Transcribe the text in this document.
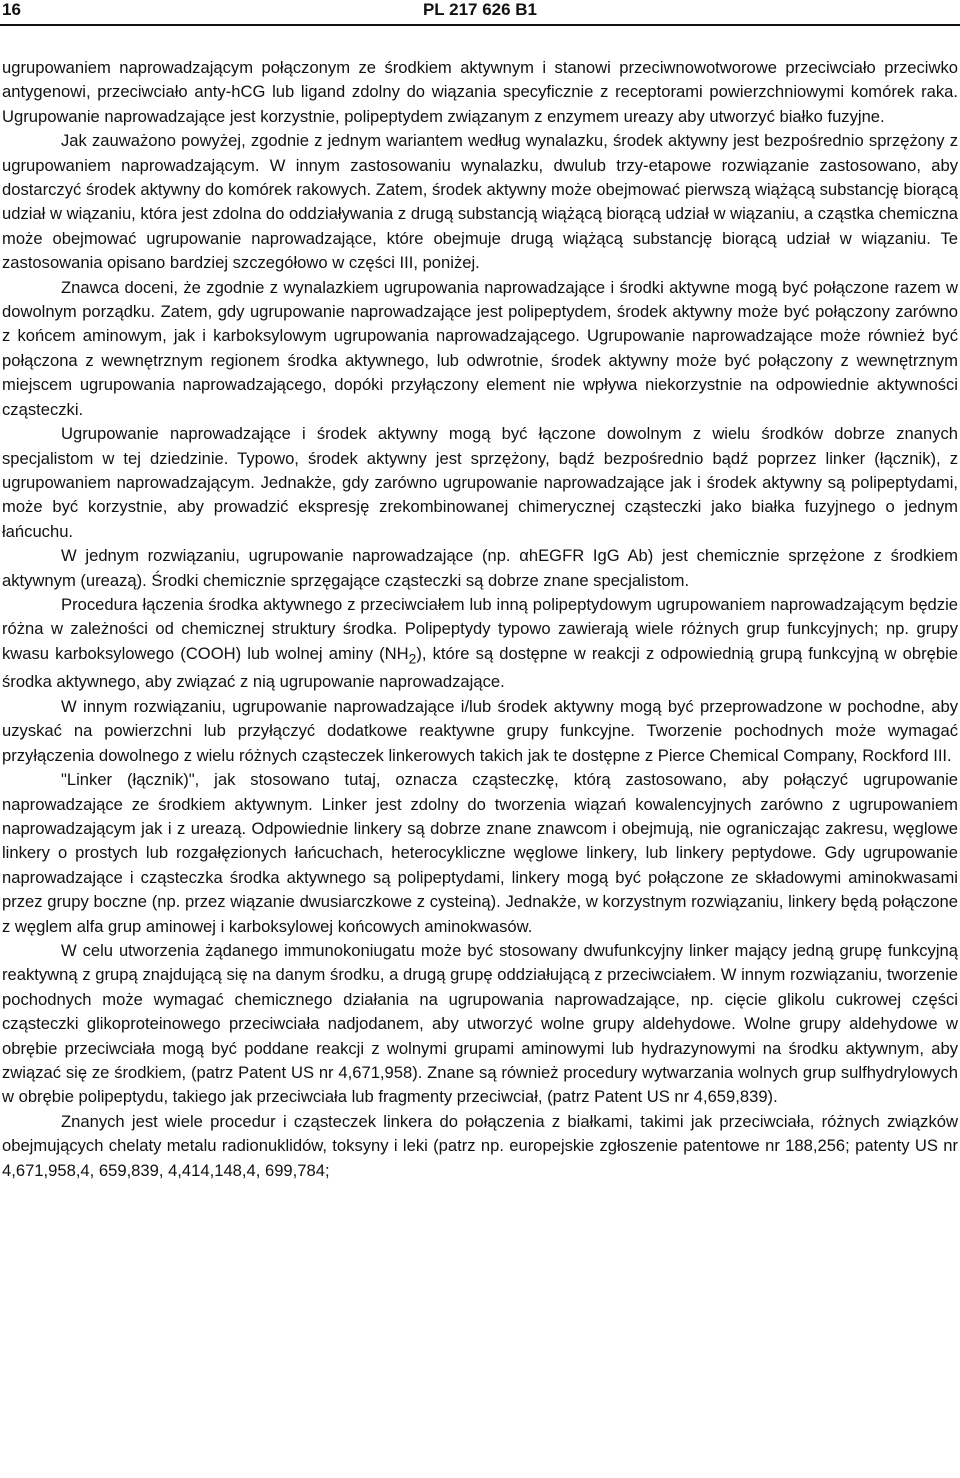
16	PL 217 626 B1

ugrupowaniem naprowadzającym połączonym ze środkiem aktywnym i stanowi przeciwnowotworowe przeciwciało przeciwko antygenowi, przeciwciało anty-hCG lub ligand zdolny do wiązania specyficznie z receptorami powierzchniowymi komórek raka. Ugrupowanie naprowadzające jest korzystnie, polipeptydem związanym z enzymem ureazy aby utworzyć białko fuzyjne.

Jak zauważono powyżej, zgodnie z jednym wariantem według wynalazku, środek aktywny jest bezpośrednio sprzężony z ugrupowaniem naprowadzającym. W innym zastosowaniu wynalazku, dwulub trzy-etapowe rozwiązanie zastosowano, aby dostarczyć środek aktywny do komórek rakowych. Zatem, środek aktywny może obejmować pierwszą wiążącą substancję biorącą udział w wiązaniu, która jest zdolna do oddziaływania z drugą substancją wiążącą biorącą udział w wiązaniu, a cząstka chemiczna może obejmować ugrupowanie naprowadzające, które obejmuje drugą wiążącą substancję biorącą udział w wiązaniu. Te zastosowania opisano bardziej szczegółowo w części III, poniżej.

Znawca doceni, że zgodnie z wynalazkiem ugrupowania naprowadzające i środki aktywne mogą być połączone razem w dowolnym porządku. Zatem, gdy ugrupowanie naprowadzające jest polipeptydem, środek aktywny może być połączony zarówno z końcem aminowym, jak i karboksylowym ugrupowania naprowadzającego. Ugrupowanie naprowadzające może również być połączona z wewnętrznym regionem środka aktywnego, lub odwrotnie, środek aktywny może być połączony z wewnętrznym miejscem ugrupowania naprowadzającego, dopóki przyłączony element nie wpływa niekorzystnie na odpowiednie aktywności cząsteczki.

Ugrupowanie naprowadzające i środek aktywny mogą być łączone dowolnym z wielu środków dobrze znanych specjalistom w tej dziedzinie. Typowo, środek aktywny jest sprzężony, bądź bezpośrednio bądź poprzez linker (łącznik), z ugrupowaniem naprowadzającym. Jednakże, gdy zarówno ugrupowanie naprowadzające jak i środek aktywny są polipeptydami, może być korzystnie, aby prowadzić ekspresję zrekombinowanej chimerycznej cząsteczki jako białka fuzyjnego o jednym łańcuchu.

W jednym rozwiązaniu, ugrupowanie naprowadzające (np. αhEGFR IgG Ab) jest chemicznie sprzężone z środkiem aktywnym (ureazą). Środki chemicznie sprzęgające cząsteczki są dobrze znane specjalistom.

Procedura łączenia środka aktywnego z przeciwciałem lub inną polipeptydowym ugrupowaniem naprowadzającym będzie różna w zależności od chemicznej struktury środka. Polipeptydy typowo zawierają wiele różnych grup funkcyjnych; np. grupy kwasu karboksylowego (COOH) lub wolnej aminy $(NH_2)$, które są dostępne w reakcji z odpowiednią grupą funkcyjną w obrębie środka aktywnego, aby związać z nią ugrupowanie naprowadzające.

W innym rozwiązaniu, ugrupowanie naprowadzające i/lub środek aktywny mogą być przeprowadzone w pochodne, aby uzyskać na powierzchni lub przyłączyć dodatkowe reaktywne grupy funkcyjne. Tworzenie pochodnych może wymagać przyłączenia dowolnego z wielu różnych cząsteczek linkerowych takich jak te dostępne z Pierce Chemical Company, Rockford III.

"Linker (łącznik)", jak stosowano tutaj, oznacza cząsteczkę, którą zastosowano, aby połączyć ugrupowanie naprowadzające ze środkiem aktywnym. Linker jest zdolny do tworzenia wiązań kowalencyjnych zarówno z ugrupowaniem naprowadzającym jak i z ureazą. Odpowiednie linkery są dobrze znane znawcom i obejmują, nie ograniczając zakresu, węglowe linkery o prostych lub rozgałęzionych łańcuchach, heterocykliczne węglowe linkery, lub linkery peptydowe. Gdy ugrupowanie naprowadzające i cząsteczka środka aktywnego są polipeptydami, linkery mogą być połączone ze składowymi aminokwasami przez grupy boczne (np. przez wiązanie dwusiarczkowe z cysteiną). Jednakże, w korzystnym rozwiązaniu, linkery będą połączone z węglem alfa grup aminowej i karboksylowej końcowych aminokwasów.

W celu utworzenia żądanego immunokoniugatu może być stosowany dwufunkcyjny linker mający jedną grupę funkcyjną reaktywną z grupą znajdującą się na danym środku, a drugą grupę oddziałującą z przeciwciałem. W innym rozwiązaniu, tworzenie pochodnych może wymagać chemicznego działania na ugrupowania naprowadzające, np. cięcie glikolu cukrowej części cząsteczki glikoproteinowego przeciwciała nadjodanem, aby utworzyć wolne grupy aldehydowe. Wolne grupy aldehydowe w obrębie przeciwciała mogą być poddane reakcji z wolnymi grupami aminowymi lub hydrazynowymi na środku aktywnym, aby związać się ze środkiem, (patrz Patent US nr 4,671,958). Znane są również procedury wytwarzania wolnych grup sulfhydrylowych w obrębie polipeptydu, takiego jak przeciwciała lub fragmenty przeciwciał, (patrz Patent US nr 4,659,839).

Znanych jest wiele procedur i cząsteczek linkera do połączenia z białkami, takimi jak przeciwciała, różnych związków obejmujących chelaty metalu radionuklidów, toksyny i leki (patrz np. europejskie zgłoszenie patentowe nr 188,256; patenty US nr 4,671,958,4, 659,839, 4,414,148,4, 699,784;
